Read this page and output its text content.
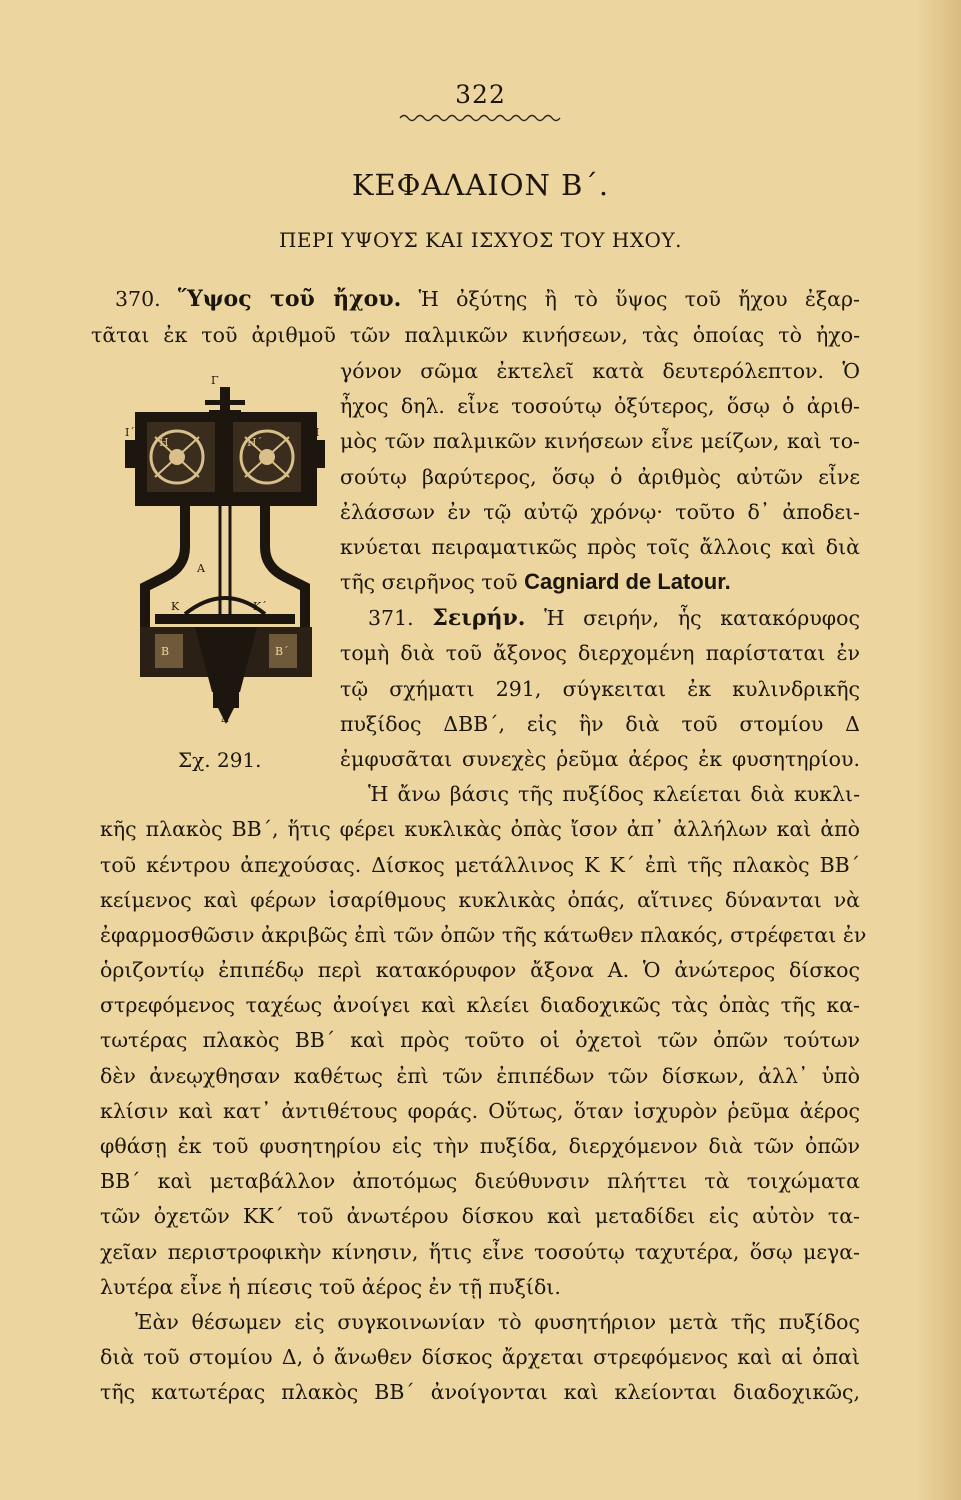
322
ΚΕΦΑΛΑΙΟΝ Β΄.
ΠΕΡΙ ΥΨΟΥΣ ΚΑΙ ΙΣΧΥΟΣ ΤΟΥ ΗΧΟΥ.
370. Ὕψος τοῦ ἤχου. Ἡ ὀξύτης ἢ τὸ ὕψος τοῦ ἤχου ἐξαρ-
τᾶται ἐκ τοῦ ἀριθμοῦ τῶν παλμικῶν κινήσεων, τὰς ὁποίας τὸ ἠχο-
γόνον σῶμα ἐκτελεῖ κατὰ δευτερόλεπτον. Ὁ
ἦχος δηλ. εἶνε τοσούτῳ ὀξύτερος, ὅσῳ ὁ ἀριθ-
μὸς τῶν παλμικῶν κινήσεων εἶνε μείζων, καὶ το-
σούτῳ βαρύτερος, ὅσῳ ὁ ἀριθμὸς αὐτῶν εἶνε
ἐλάσσων ἐν τῷ αὐτῷ χρόνῳ· τοῦτο δ᾽ ἀποδει-
κνύεται πειραματικῶς πρὸς τοῖς ἄλλοις καὶ διὰ
τῆς σειρῆνος τοῦ Cagniard de Latour.
371. Σειρήν. Ἡ σειρήν, ἧς κατακόρυφος
τομὴ διὰ τοῦ ἄξονος διερχομένη παρίσταται ἐν
τῷ σχήματι 291, σύγκειται ἐκ κυλινδρικῆς
πυξίδος ΔΒΒ΄, εἰς ἣν διὰ τοῦ στομίου Δ
ἐμφυσᾶται συνεχὲς ῥεῦμα ἀέρος ἐκ φυσητηρίου.
Ἡ ἄνω βάσις τῆς πυξίδος κλείεται διὰ κυκλι-
κῆς πλακὸς ΒΒ΄, ἥτις φέρει κυκλικὰς ὀπὰς ἴσον ἀπ᾽ ἀλλήλων καὶ ἀπὸ
τοῦ κέντρου ἀπεχούσας. Δίσκος μετάλλινος Κ Κ΄ ἐπὶ τῆς πλακὸς ΒΒ΄
κείμενος καὶ φέρων ἰσαρίθμους κυκλικὰς ὀπάς, αἵτινες δύνανται νὰ
ἐφαρμοσθῶσιν ἀκριβῶς ἐπὶ τῶν ὀπῶν τῆς κάτωθεν πλακός, στρέφεται ἐν
ὁριζοντίῳ ἐπιπέδῳ περὶ κατακόρυφον ἄξονα Α. Ὁ ἀνώτερος δίσκος
στρεφόμενος ταχέως ἀνοίγει καὶ κλείει διαδοχικῶς τὰς ὀπὰς τῆς κα-
τωτέρας πλακὸς ΒΒ΄ καὶ πρὸς τοῦτο οἱ ὀχετοὶ τῶν ὀπῶν τούτων
δὲν ἀνεῳχθησαν καθέτως ἐπὶ τῶν ἐπιπέδων τῶν δίσκων, ἀλλ᾽ ὑπὸ
κλίσιν καὶ κατ᾽ ἀντιθέτους φοράς. Οὕτως, ὅταν ἰσχυρὸν ῥεῦμα ἀέρος
φθάσῃ ἐκ τοῦ φυσητηρίου εἰς τὴν πυξίδα, διερχόμενον διὰ τῶν ὀπῶν
ΒΒ΄ καὶ μεταβάλλον ἀποτόμως διεύθυνσιν πλήττει τὰ τοιχώματα
τῶν ὀχετῶν ΚΚ΄ τοῦ ἀνωτέρου δίσκου καὶ μεταδίδει εἰς αὐτὸν τα-
χεῖαν περιστροφικὴν κίνησιν, ἥτις εἶνε τοσούτῳ ταχυτέρα, ὅσῳ μεγα-
λυτέρα εἶνε ἡ πίεσις τοῦ ἀέρος ἐν τῇ πυξίδι.
Ἐὰν θέσωμεν εἰς συγκοινωνίαν τὸ φυσητήριον μετὰ τῆς πυξίδος
διὰ τοῦ στομίου Δ, ὁ ἄνωθεν δίσκος ἄρχεται στρεφόμενος καὶ αἱ ὀπαὶ
τῆς κατωτέρας πλακὸς ΒΒ΄ ἀνοίγονται καὶ κλείονται διαδοχικῶς,
Γ
Ι΄	Ι
Η΄
Η
Α
Κ	Κ΄
Β	Β΄
Δ
Σχ. 291.
